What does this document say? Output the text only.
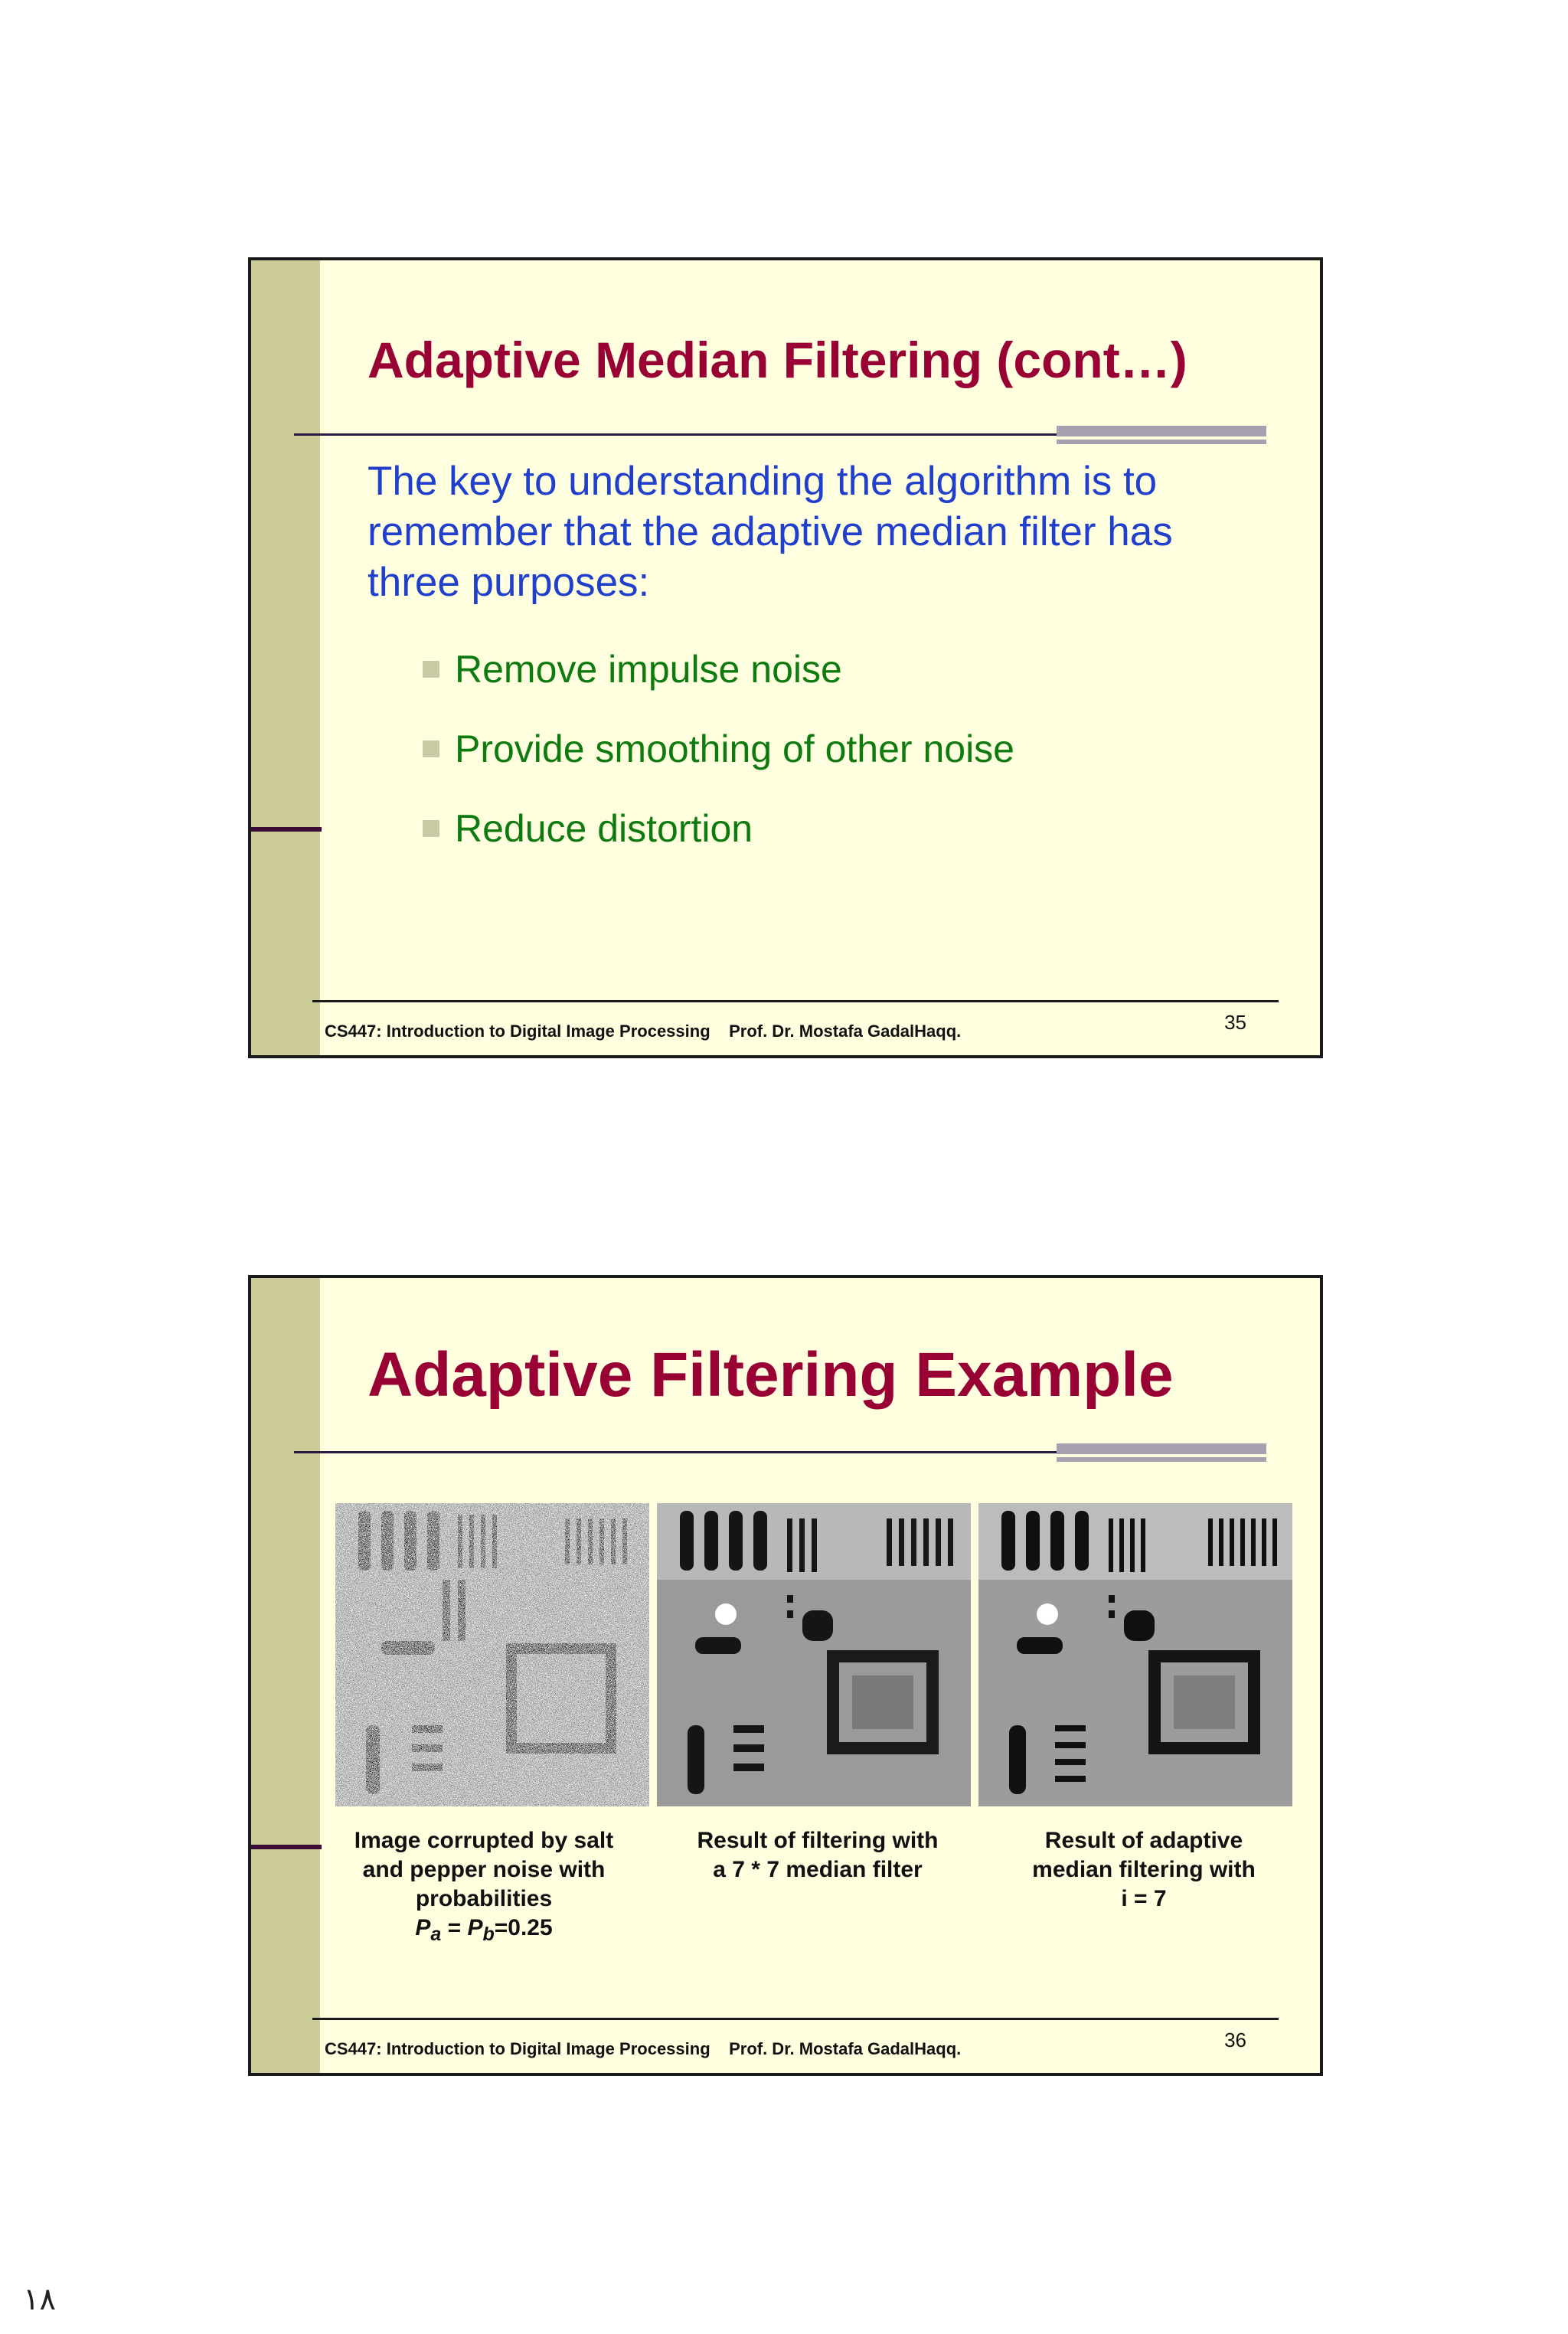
Adaptive Median Filtering (cont…)

The key to understanding the algorithm is to remember that the adaptive median filter has three purposes:

Remove impulse noise
Provide smoothing of other noise
Reduce distortion
CS447: Introduction to Digital Image Processing    Prof. Dr. Mostafa GadalHaqq.	35
Adaptive Filtering Example
Image corrupted by salt
and pepper noise with
probabilities
$P_a = P_b=0.25$
Result of filtering with
a 7 * 7 median filter
Result of adaptive
median filtering with
i = 7
CS447: Introduction to Digital Image Processing    Prof. Dr. Mostafa GadalHaqq.	36
١٨
